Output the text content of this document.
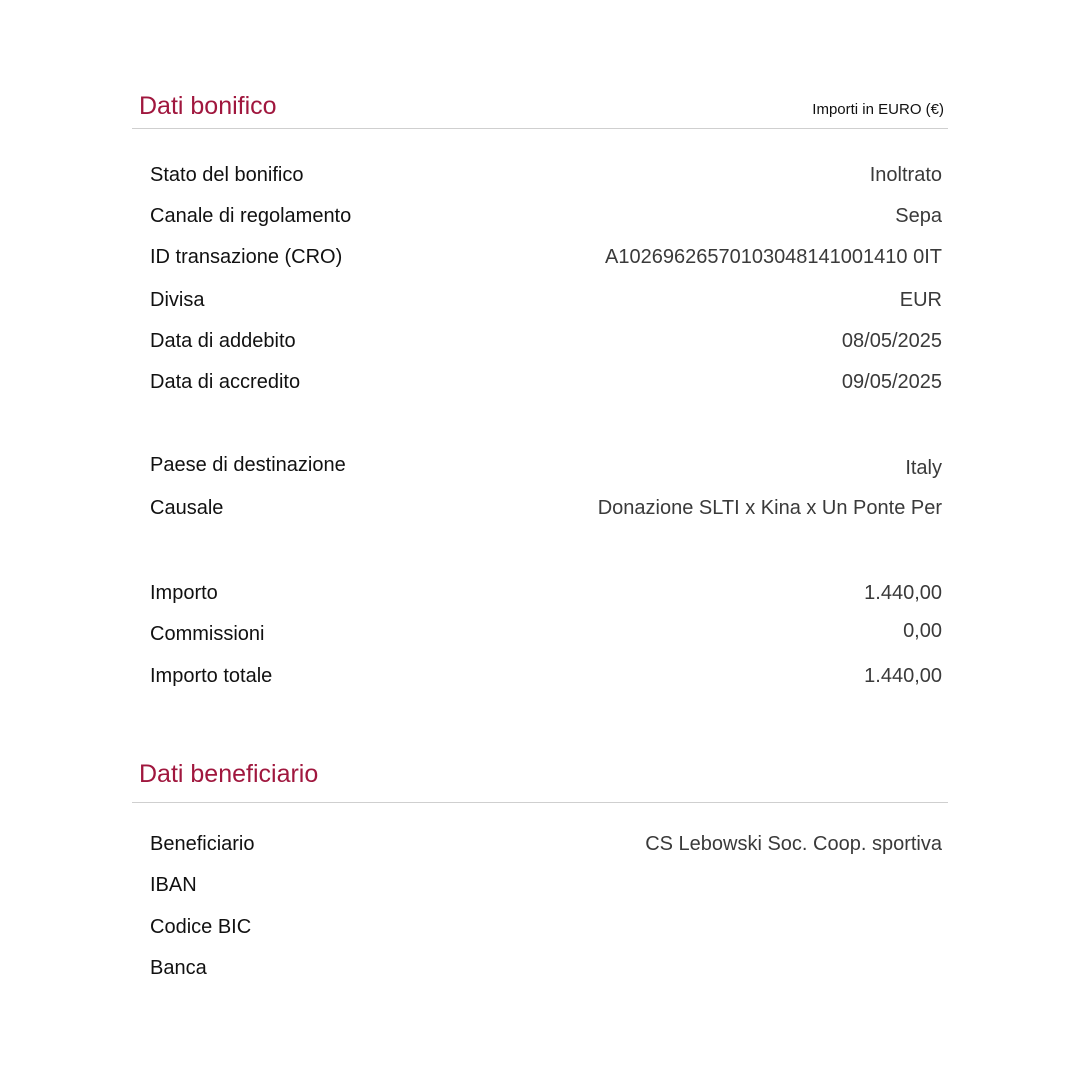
Dati bonifico	Importi in EURO (€)
Stato del bonifico	Inoltrato
Canale di regolamento	Sepa
ID transazione (CRO)	A10269626570103048141001410 0IT
Divisa	EUR
Data di addebito	08/05/2025
Data di accredito	09/05/2025
Paese di destinazione	Italy
Causale	Donazione SLTI x Kina x Un Ponte Per
Importo	1.440,00
Commissioni	0,00
Importo totale	1.440,00
Dati beneficiario
Beneficiario	CS Lebowski Soc. Coop. sportiva
IBAN
Codice BIC
Banca
